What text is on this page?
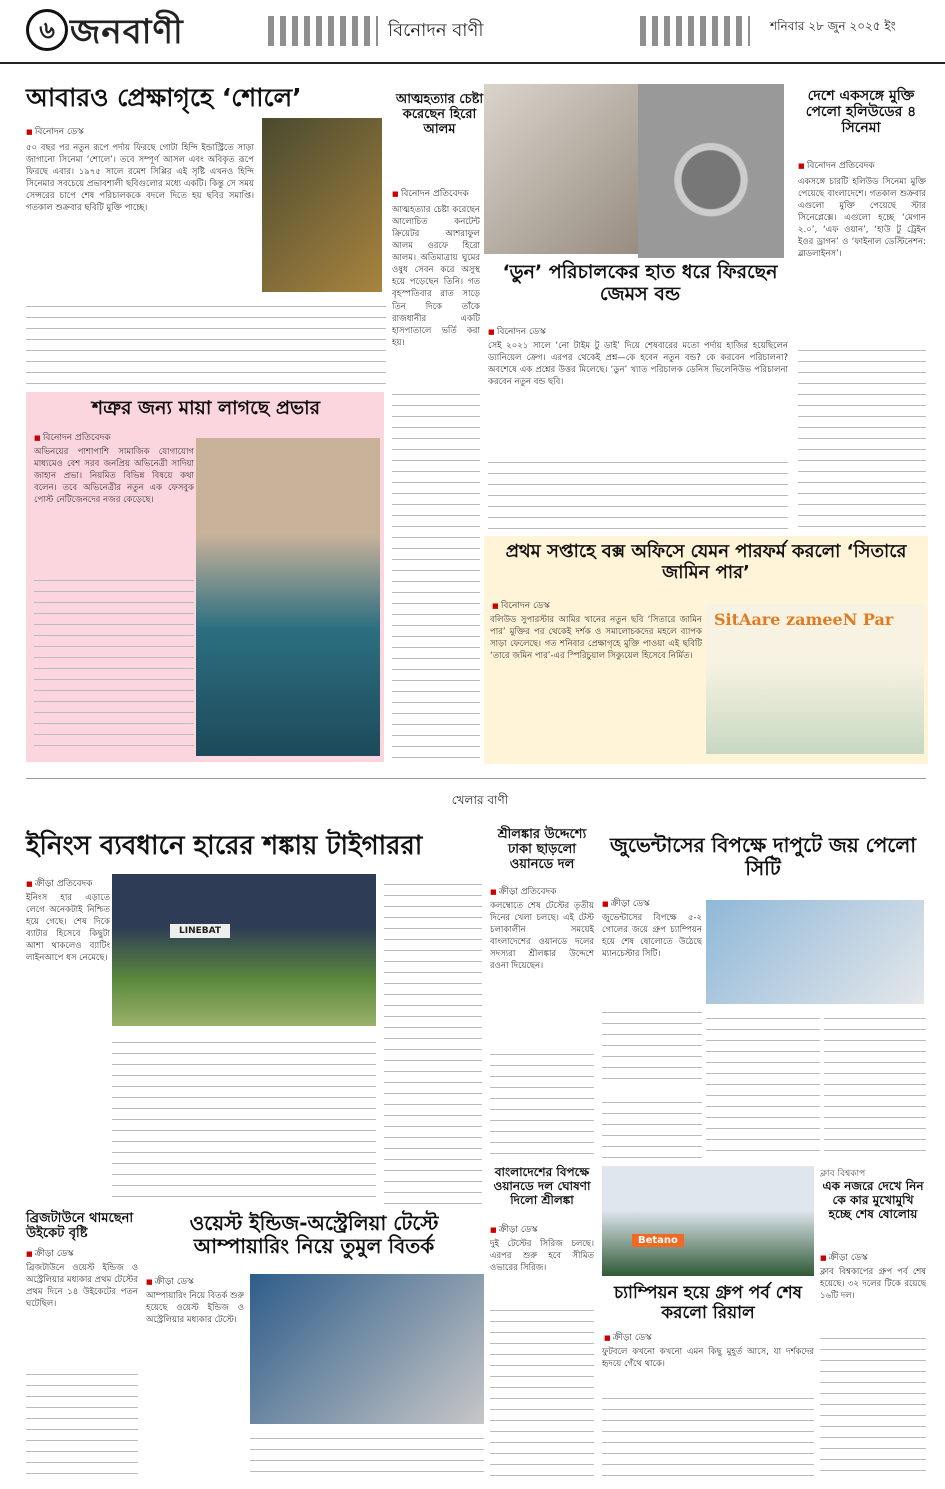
৬ জনবাণী	বিনোদন বাণী	শনিবার ২৮ জুন ২০২৫ ইং
আবারও প্রেক্ষাগৃহে ‘শোলে’
■ বিনোদন ডেস্ক
৫০ বছর পর নতুন রূপে পর্দায় ফিরছে গোটা হিন্দি ইন্ডাস্ট্রিতে সাড়া জাগানো সিনেমা ‘শোলে’। তবে সম্পূর্ণ আসল এবং অবিকৃত রূপে ফিরছে এবার। ১৯৭৫ সালে রমেশ সিপ্পির এই সৃষ্টি এখনও হিন্দি সিনেমার সবচেয়ে প্রভাবশালী ছবিগুলোর মধ্যে একটি। কিন্তু সে সময় সেন্সরের চাপে শেষ পরিচালককে বদলে দিতে হয় ছবির সমাপ্তি। গতকাল শুক্রবার ছবিটি মুক্তি পাচ্ছে।
আত্মহত্যার চেষ্টা করেছেন হিরো আলম
■ বিনোদন প্রতিবেদক
আত্মহত্যার চেষ্টা করেছেন আলোচিত কনটেন্ট ক্রিয়েটর আশরাফুল আলম ওরফে হিরো আলম। অতিমাত্রায় ঘুমের ওষুধ সেবন করে অসুস্থ হয়ে পড়েছেন তিনি। গত বৃহস্পতিবার রাত সাড়ে তিন দিকে তাঁকে রাজধানীর একটি হাসপাতালে ভর্তি করা হয়।
দেশে একসঙ্গে মুক্তি পেলো হলিউডের ৪ সিনেমা
■ বিনোদন প্রতিবেদক
একসঙ্গে চারটি হলিউড সিনেমা মুক্তি পেয়েছে বাংলাদেশে। গতকাল শুক্রবার এগুলো মুক্তি পেয়েছে স্টার সিনেপ্লেক্সে। এগুলো হচ্ছে ‘মেগান ২.০’, ‘এফ ওয়ান’, ‘হাউ টু ট্রেইন ইওর ড্রাগন’ ও ‘ফাইনাল ডেস্টিনেশন: ব্লাডলাইনস’।
‘ডুন’ পরিচালকের হাত ধরে ফিরছেন জেমস বন্ড
■ বিনোদন ডেস্ক
সেই ২০২১ সালে ‘নো টাইম টু ডাই’ দিয়ে শেষবারের মতো পর্দায় হাজির হয়েছিলেন ড্যানিয়েল ক্রেগ। এরপর থেকেই প্রশ্ন—কে হবেন নতুন বন্ড? কে করবেন পরিচালনা? অবশেষে এক প্রশ্নের উত্তর মিলেছে। ‘ডুন’ খ্যাত পরিচালক ডেনিস ভিলেনিউভ পরিচালনা করবেন নতুন বন্ড ছবি।
শত্রুর জন্য মায়া লাগছে প্রভার
■ বিনোদন প্রতিবেদক
অভিনয়ের পাশাপাশি সামাজিক যোগাযোগ মাধ্যমেও বেশ সরব জনপ্রিয় অভিনেত্রী সাদিয়া জাহান প্রভা। নিয়মিত বিভিন্ন বিষয়ে কথা বলেন। তবে অভিনেত্রীর নতুন এক ফেসবুক পোস্ট নেটিজেনদের নজর কেড়েছে।
প্রথম সপ্তাহে বক্স অফিসে যেমন পারফর্ম করলো ‘সিতারে জামিন পার’
■ বিনোদন ডেস্ক
বলিউড সুপারস্টার আমির খানের নতুন ছবি ‘সিতারে জামিন পার’ মুক্তির পর থেকেই দর্শক ও সমালোচকদের মহলে ব্যাপক সাড়া ফেলেছে। গত শনিবার প্রেক্ষাগৃহে মুক্তি পাওয়া এই ছবিটি ‘তারে জমিন পার’-এর স্পিরিচুয়াল সিক্যুয়েল হিসেবে নির্মিত।
SitAare zameeN Par
খেলার বাণী
ইনিংস ব্যবধানে হারের শঙ্কায় টাইগাররা
■ ক্রীড়া প্রতিবেদক
ইনিংস হার এড়াতে লেগে অনেকটাই নিশ্চিত হয়ে গেছে। শেষ দিকে ব্যাটার হিসেবে কিছুটা আশা থাকলেও ব্যাটিং লাইনআপে ধস নেমেছে।
LINEBAT
ব্রিজটাউনে থামছেনা উইকেট বৃষ্টি
■ ক্রীড়া ডেস্ক
ব্রিজটাউনে ওয়েস্ট ইন্ডিজ ও অস্ট্রেলিয়ার মধ্যকার প্রথম টেস্টের প্রথম দিনে ১৪ উইকেটের পতন ঘটেছিল।
ওয়েস্ট ইন্ডিজ-অস্ট্রেলিয়া টেস্টে আম্পায়ারিং নিয়ে তুমুল বিতর্ক
■ ক্রীড়া ডেস্ক
আম্পায়ারিং নিয়ে বিতর্ক শুরু হয়েছে ওয়েস্ট ইন্ডিজ ও অস্ট্রেলিয়ার মধ্যকার টেস্টে।
শ্রীলঙ্কার উদ্দেশ্যে ঢাকা ছাড়লো ওয়ানডে দল
■ ক্রীড়া প্রতিবেদক
কলম্বোতে শেষ টেস্টের তৃতীয় দিনের খেলা চলছে। এই টেস্ট চলাকালীন সময়েই বাংলাদেশের ওয়ানডে দলের সদস্যরা শ্রীলঙ্কার উদ্দেশে রওনা দিয়েছেন।
বাংলাদেশের বিপক্ষে ওয়ানডে দল ঘোষণা দিলো শ্রীলঙ্কা
■ ক্রীড়া ডেস্ক
দুই টেস্টের সিরিজ চলছে। এরপর শুরু হবে সীমিত ওভারের সিরিজ।
জুভেন্টাসের বিপক্ষে দাপুটে জয় পেলো সিটি
■ ক্রীড়া ডেস্ক
জুভেন্টাসের বিপক্ষে ৫-২ গোলের জয়ে গ্রুপ চ্যাম্পিয়ন হয়ে শেষ ষোলোতে উঠেছে ম্যানচেস্টার সিটি।
Betano
চ্যাম্পিয়ন হয়ে গ্রুপ পর্ব শেষ করলো রিয়াল
■ ক্রীড়া ডেস্ক
ফুটবলে কখনো কখনো এমন কিছু মুহূর্ত আসে, যা দর্শকদের হৃদয়ে গেঁথে থাকে।
ক্লাব বিশ্বকাপ
এক নজরে দেখে নিন কে কার মুখোমুখি হচ্ছে শেষ ষোলোয়
■ ক্রীড়া ডেস্ক
ক্লাব বিশ্বকাপের গ্রুপ পর্ব শেষ হয়েছে। ৩২ দলের টিকে রয়েছে ১৬টি দল।
